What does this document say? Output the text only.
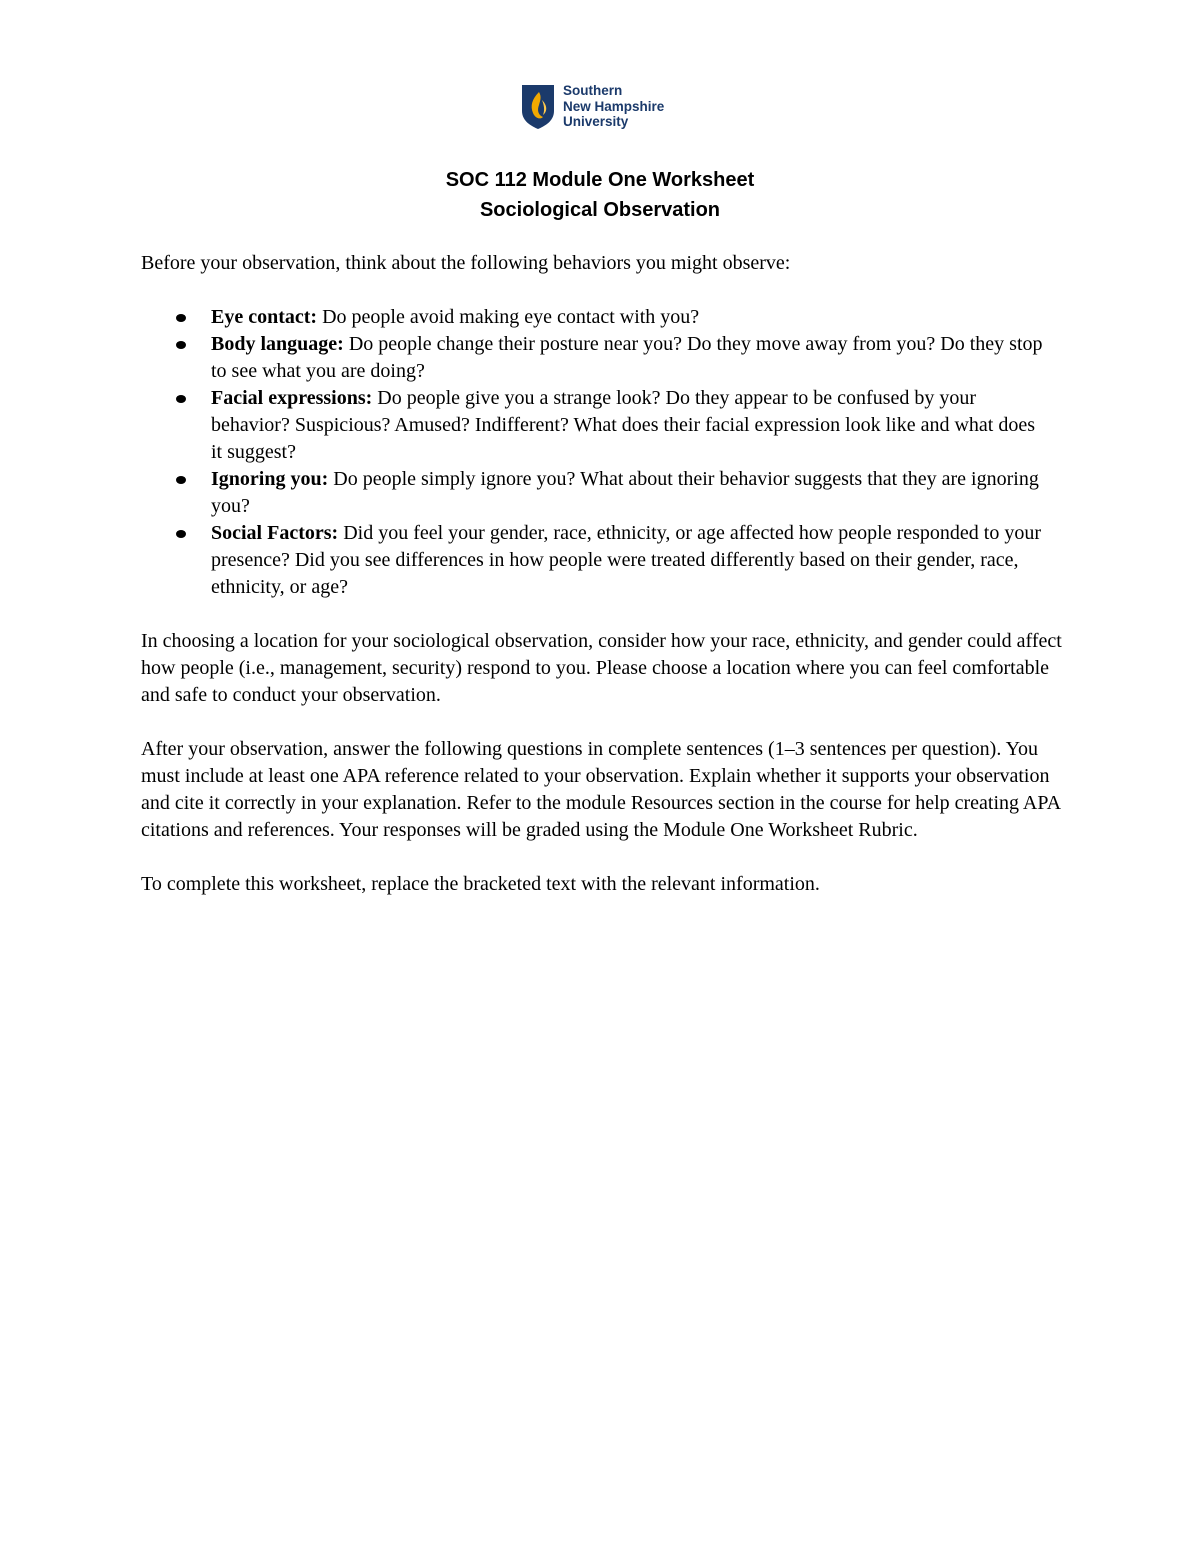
Southern
New Hampshire
University
SOC 112 Module One Worksheet
Sociological Observation

Before your observation, think about the following behaviors you might observe:

Eye contact: Do people avoid making eye contact with you?
Body language: Do people change their posture near you? Do they move away from you? Do they stop to see what you are doing?
Facial expressions: Do people give you a strange look? Do they appear to be confused by your behavior? Suspicious? Amused? Indifferent? What does their facial expression look like and what does it suggest?
Ignoring you: Do people simply ignore you? What about their behavior suggests that they are ignoring you?
Social Factors: Did you feel your gender, race, ethnicity, or age affected how people responded to your presence? Did you see differences in how people were treated differently based on their gender, race, ethnicity, or age?

In choosing a location for your sociological observation, consider how your race, ethnicity, and gender could affect how people (i.e., management, security) respond to you. Please choose a location where you can feel comfortable and safe to conduct your observation.

After your observation, answer the following questions in complete sentences (1–3 sentences per question). You must include at least one APA reference related to your observation. Explain whether it supports your observation and cite it correctly in your explanation. Refer to the module Resources section in the course for help creating APA citations and references. Your responses will be graded using the Module One Worksheet Rubric.

To complete this worksheet, replace the bracketed text with the relevant information.
